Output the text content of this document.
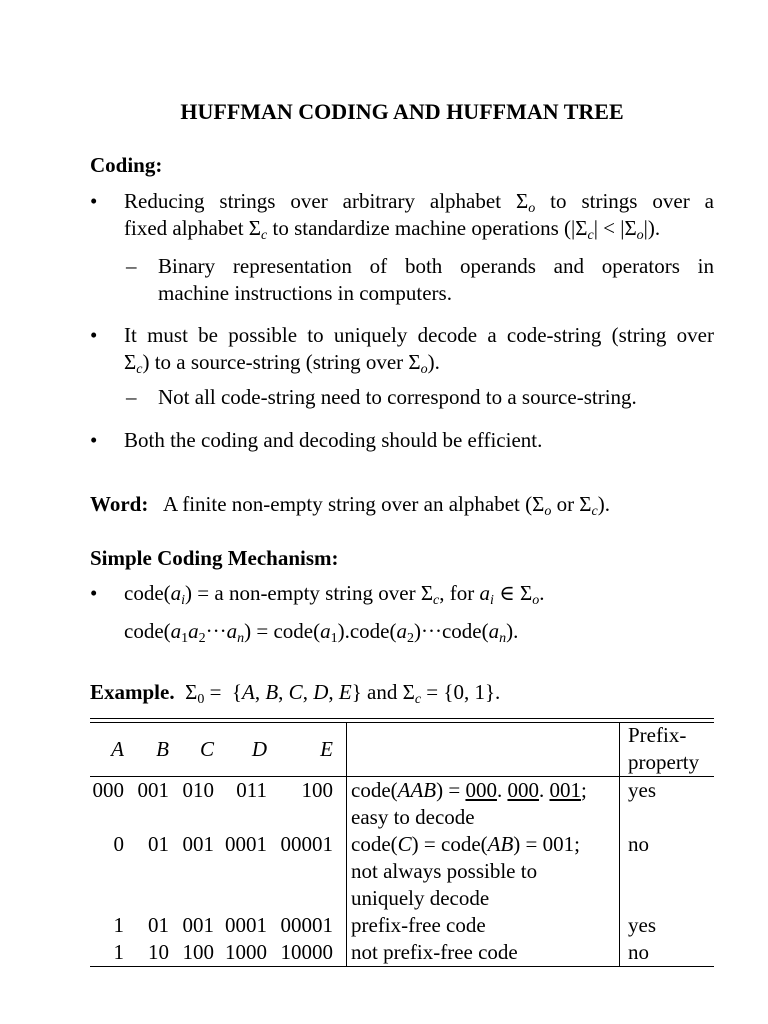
HUFFMAN CODING AND HUFFMAN TREE
Coding:
• Reducing strings over arbitrary alphabet $\Sigma_o$ to strings over a
fixed alphabet $\Sigma_c$ to standardize machine operations $(|\Sigma_c| < |\Sigma_o|)$.
– Binary representation of both operands and operators in
machine instructions in computers.
• It must be possible to uniquely decode a code-string (string over
$\Sigma_c$) to a source-string (string over $\Sigma_o$).
– Not all code-string need to correspond to a source-string.
• Both the coding and decoding should be efficient.
Word: A finite non-empty string over an alphabet ($\Sigma_o$ or $\Sigma_c$).
Simple Coding Mechanism:
• $code(a_i) = a$ non-empty string over $\Sigma_c$, for $a_i$ ∈ $\Sigma_o$.
$code(a_1a_2\cdot\cdot\cdot a_n)$ = $code(a_1).code(a_2)\cdot\cdot\cdot code(a_n)$.
Example. $\Sigma_0 = \{A$, B, C, D, E} and $\Sigma_c = \{0$, 1}.
A B C D E		Prefix-
property

000 001 010 011 100	code(AAB) = 000. 000. 001;
easy to decode	yes
0 01 001 0001 00001	code(C) = code(AB) = 001;
not always possible to
uniquely decode	no
1 01 001 0001 00001	prefix-free code	yes
1 10 100 1000 10000	not prefix-free code	no
